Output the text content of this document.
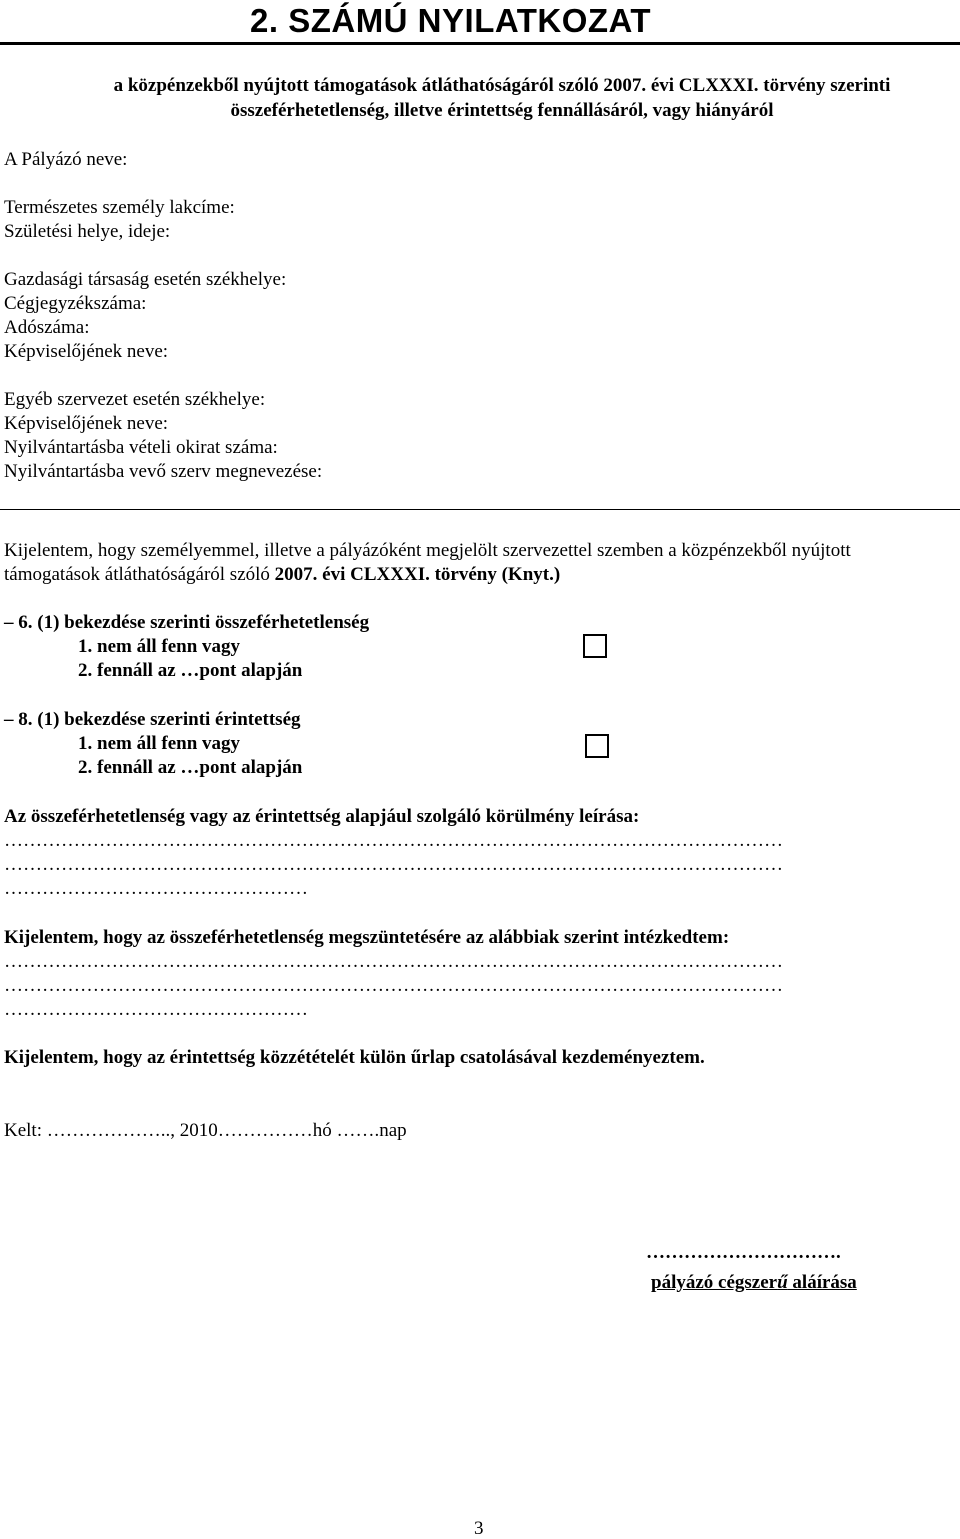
2. SZÁMÚ NYILATKOZAT
a közpénzekből nyújtott támogatások átláthatóságáról szóló 2007. évi CLXXXI. törvény szerinti
összeférhetetlenség, illetve érintettség fennállásáról, vagy hiányáról
A Pályázó neve:
Természetes személy lakcíme:
Születési helye, ideje:
Gazdasági társaság esetén székhelye:
Cégjegyzékszáma:
Adószáma:
Képviselőjének neve:
Egyéb szervezet esetén székhelye:
Képviselőjének neve:
Nyilvántartásba vételi okirat száma:
Nyilvántartásba vevő szerv megnevezése:
Kijelentem, hogy személyemmel, illetve a pályázóként megjelölt szervezettel szemben a közpénzekből nyújtott
támogatások átláthatóságáról szóló 2007. évi CLXXXI. törvény (Knyt.)
– 6. (1) bekezdése szerinti összeférhetetlenség
1. nem áll fenn vagy
2. fennáll az …pont alapján
– 8. (1) bekezdése szerinti érintettség
1. nem áll fenn vagy
2. fennáll az …pont alapján
Az összeférhetetlenség vagy az érintettség alapjául szolgáló körülmény leírása:
……………………………………………………………………………………………………………
……………………………………………………………………………………………………………
…………………………………………
Kijelentem, hogy az összeférhetetlenség megszüntetésére az alábbiak szerint intézkedtem:
……………………………………………………………………………………………………………
……………………………………………………………………………………………………………
…………………………………………
Kijelentem, hogy az érintettség közzétételét külön űrlap csatolásával kezdeményeztem.
Kelt: ……………….., 2010……………hó …….nap
………………………….
pályázó cégszerű aláírása
3
